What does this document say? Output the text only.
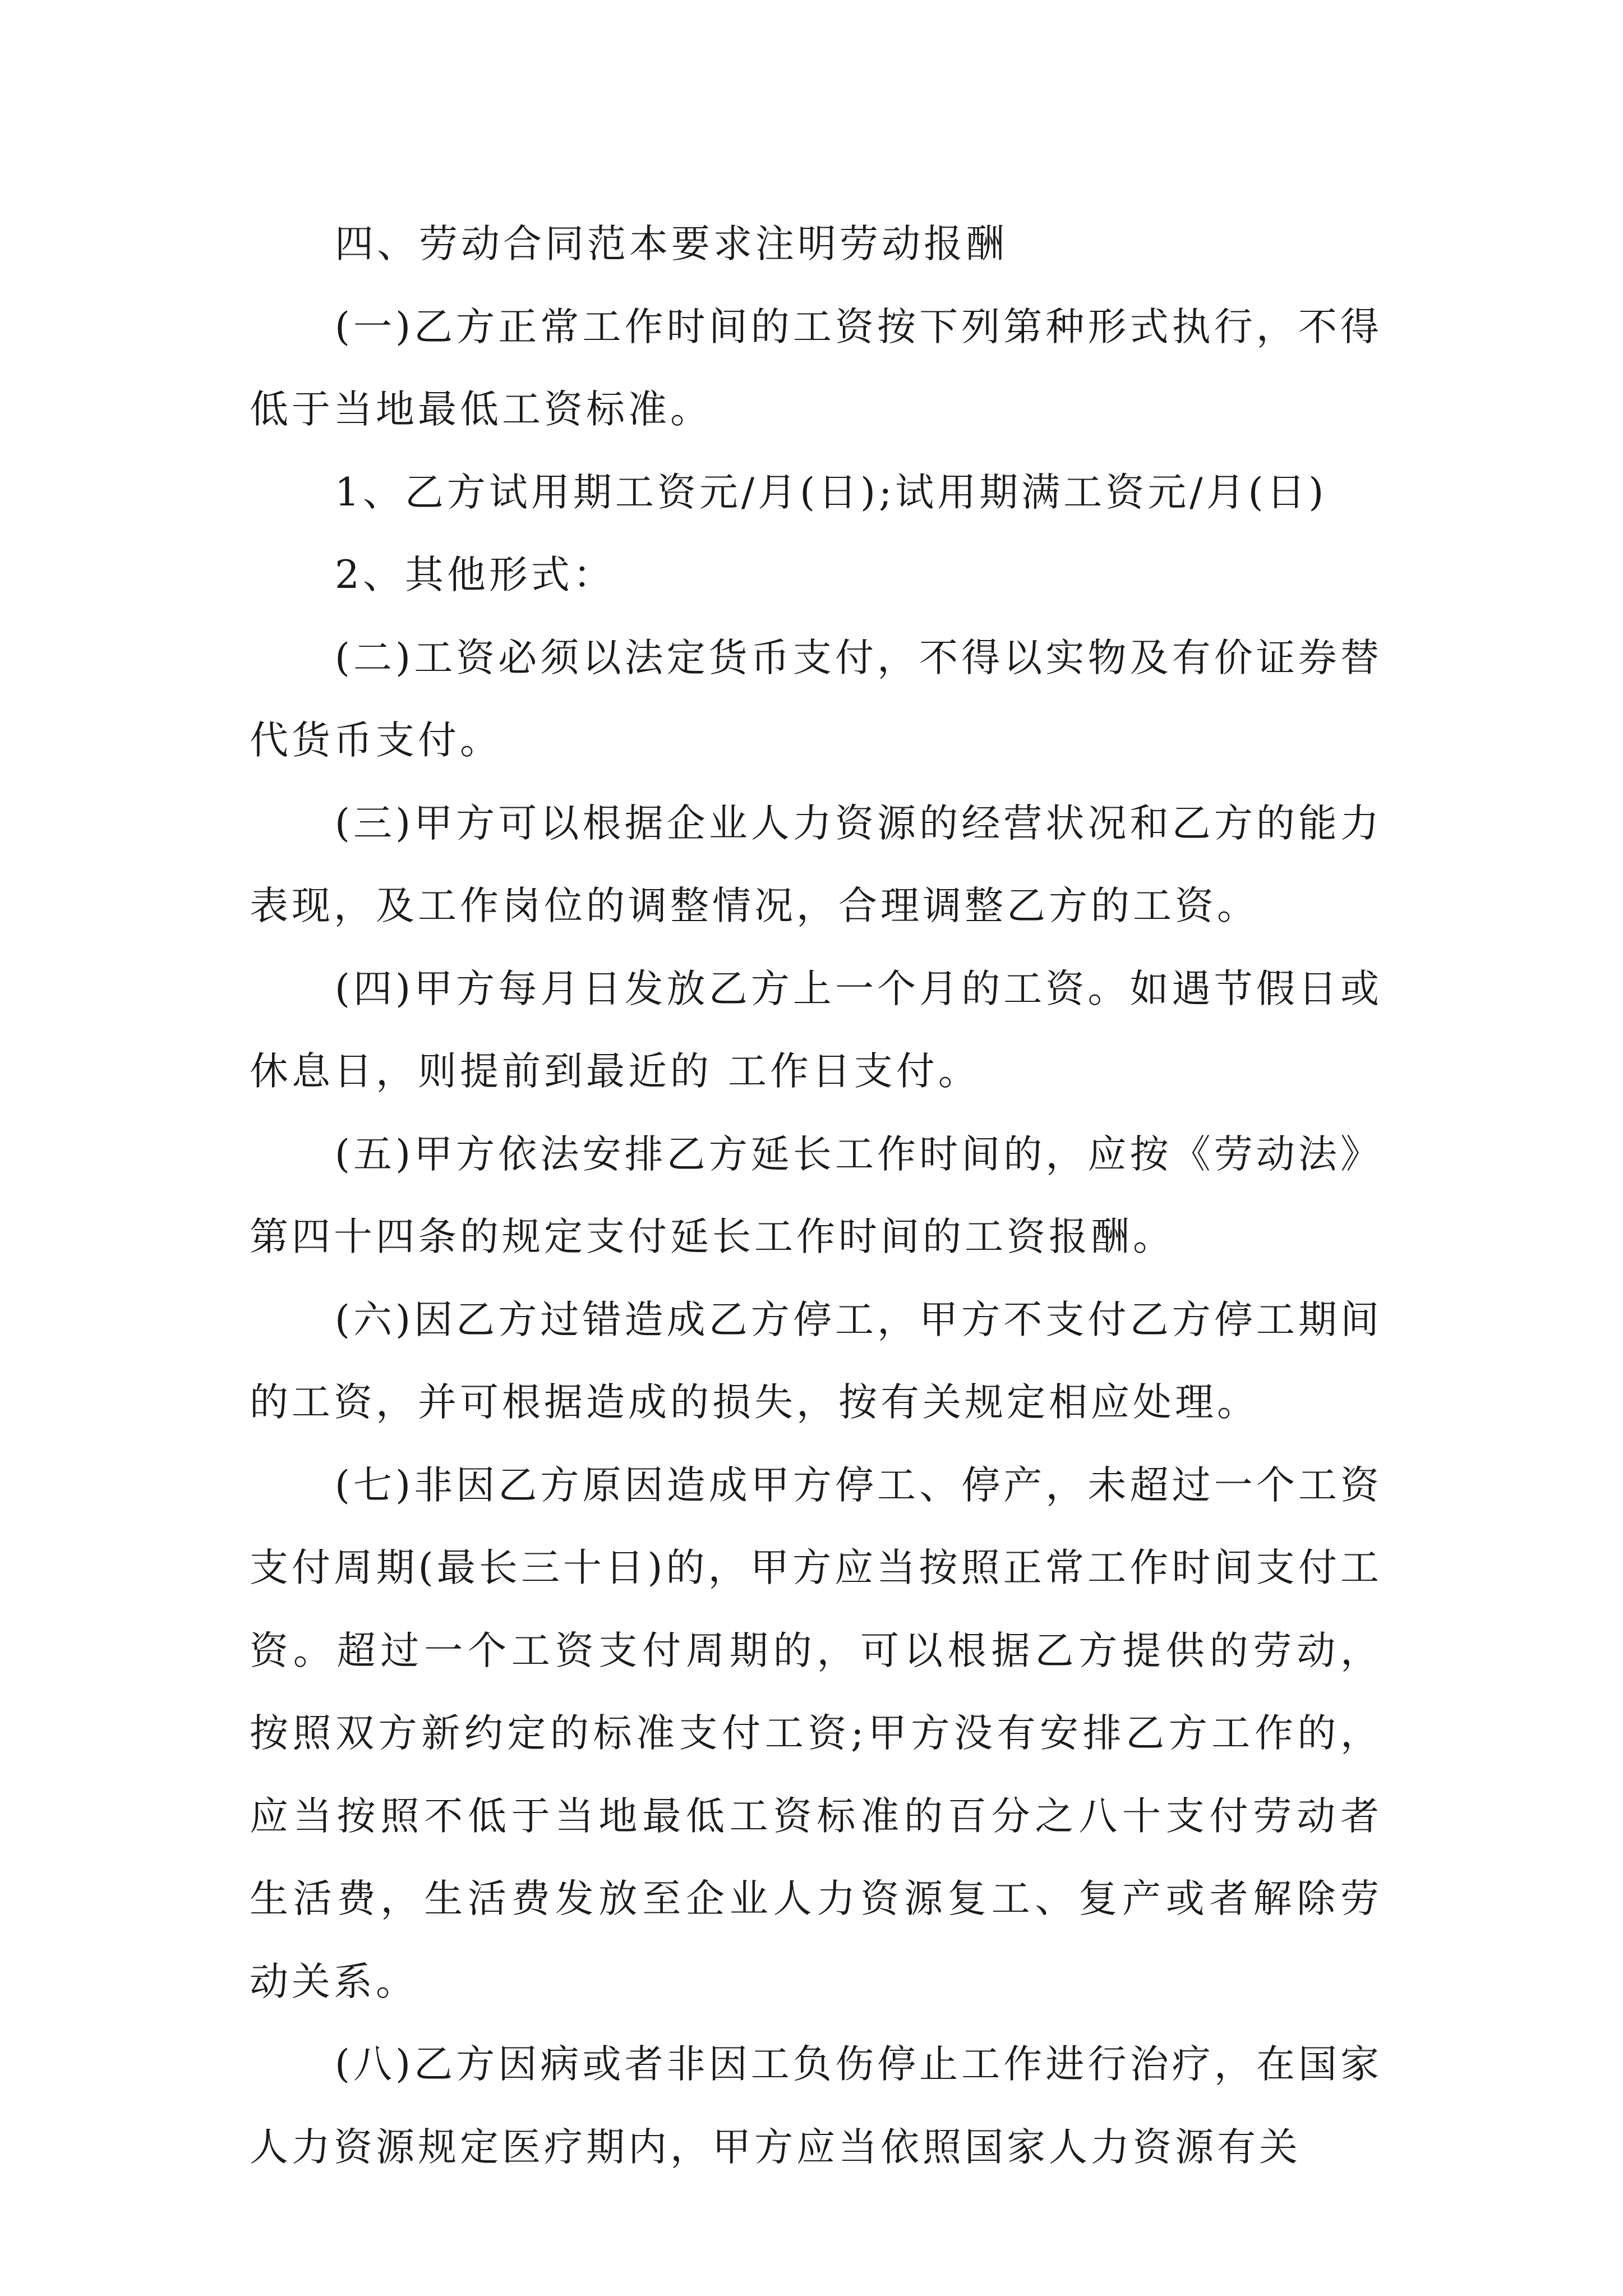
四、劳动合同范本要求注明劳动报酬

(一)乙方正常工作时间的工资按下列第种形式执行，不得低于当地最低工资标准。

1、乙方试用期工资元/月(日);试用期满工资元/月(日)

2、其他形式：

(二)工资必须以法定货币支付，不得以实物及有价证券替代货币支付。

(三)甲方可以根据企业人力资源的经营状况和乙方的能力表现，及工作岗位的调整情况，合理调整乙方的工资。

(四)甲方每月日发放乙方上一个月的工资。如遇节假日或休息日，则提前到最近的 工作日支付。

(五)甲方依法安排乙方延长工作时间的，应按《劳动法》第四十四条的规定支付延长工作时间的工资报酬。

(六)因乙方过错造成乙方停工，甲方不支付乙方停工期间的工资，并可根据造成的损失，按有关规定相应处理。

(七)非因乙方原因造成甲方停工、停产，未超过一个工资支付周期(最长三十日)的，甲方应当按照正常工作时间支付工资。超过一个工资支付周期的，可以根据乙方提供的劳动，按照双方新约定的标准支付工资;甲方没有安排乙方工作的，应当按照不低于当地最低工资标准的百分之八十支付劳动者生活费，生活费发放至企业人力资源复工、复产或者解除劳动关系。

(八)乙方因病或者非因工负伤停止工作进行治疗，在国家人力资源规定医疗期内，甲方应当依照国家人力资源有关
